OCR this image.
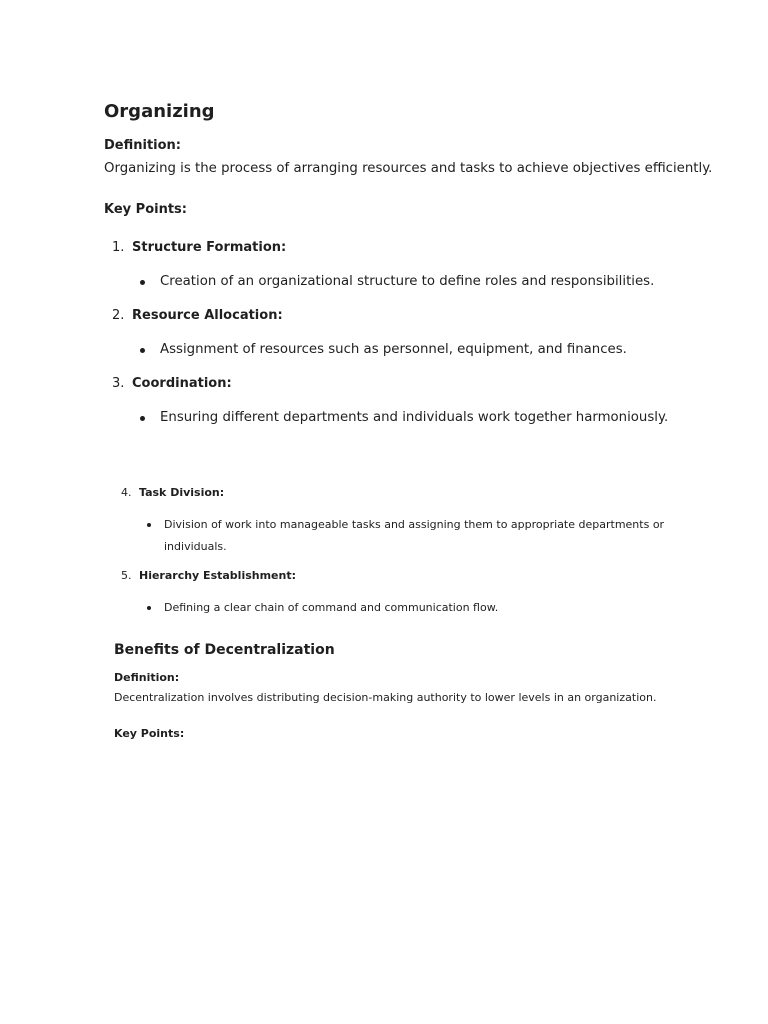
Organizing

Definition:

Organizing is the process of arranging resources and tasks to achieve objectives efficiently.

Key Points:

1. Structure Formation:
Creation of an organizational structure to define roles and responsibilities.
2. Resource Allocation:
Assignment of resources such as personnel, equipment, and finances.
3. Coordination:
Ensuring different departments and individuals work together harmoniously.
4. Task Division:
Division of work into manageable tasks and assigning them to appropriate departments or
individuals.
5. Hierarchy Establishment:
Defining a clear chain of command and communication flow.
Benefits of Decentralization

Definition:

Decentralization involves distributing decision-making authority to lower levels in an organization.

Key Points:
